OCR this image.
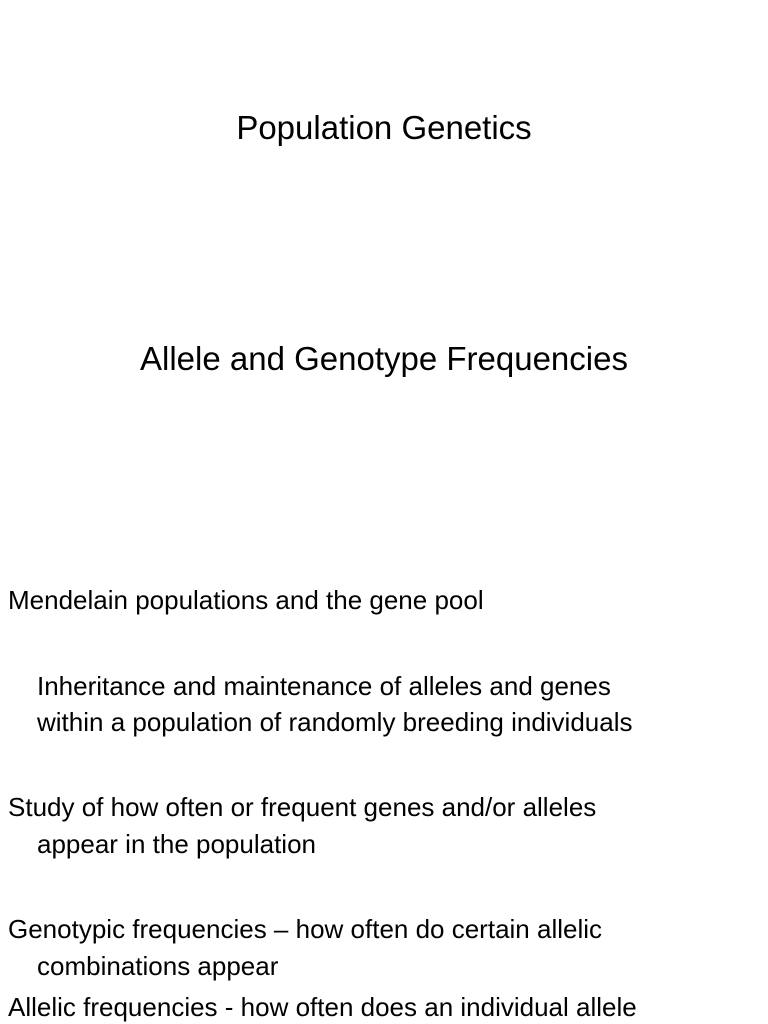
Population Genetics
Allele and Genotype Frequencies
Mendelain populations and the gene pool
Inheritance and maintenance of alleles and genes
within a population of randomly breeding individuals
Study of how often or frequent genes and/or alleles
appear in the population
Genotypic frequencies – how often do certain allelic
combinations appear
Allelic frequencies - how often does an individual allele
